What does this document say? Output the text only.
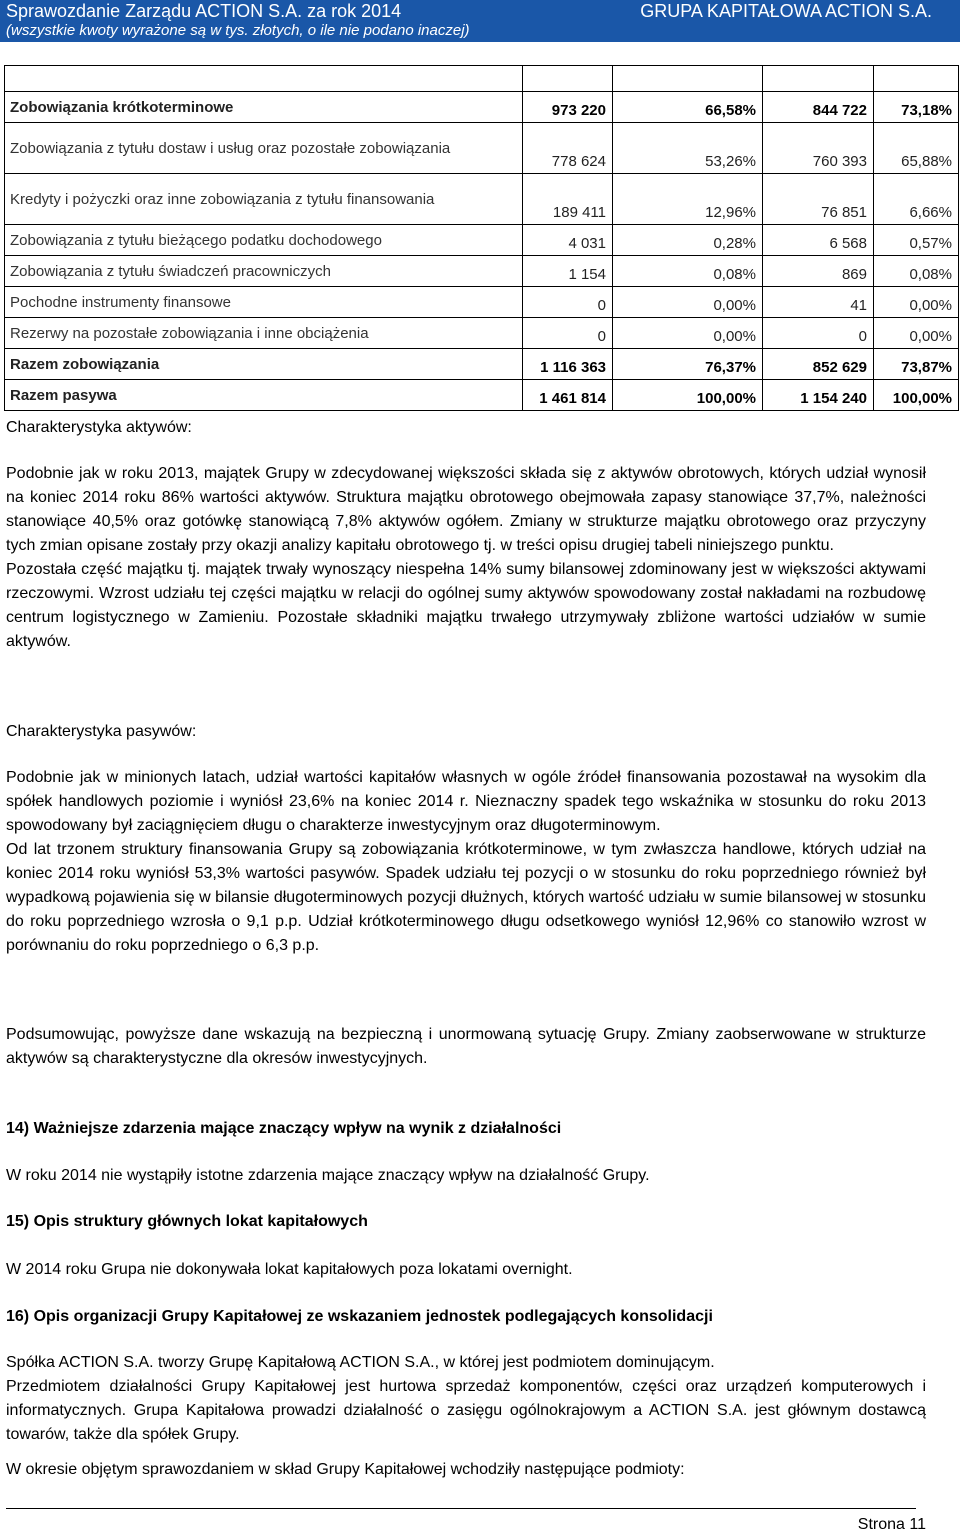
Sprawozdanie Zarządu ACTION S.A. za rok 2014	GRUPA KAPITAŁOWA ACTION S.A.
(wszystkie kwoty wyrażone są w tys. złotych, o ile nie podano inaczej)

Zobowiązania krótkoterminowe	973 220	66,58%	844 722	73,18%
Zobowiązania z tytułu dostaw i usług oraz pozostałe zobowiązania	778 624	53,26%	760 393	65,88%
Kredyty i pożyczki oraz inne zobowiązania z tytułu finansowania	189 411	12,96%	76 851	6,66%
Zobowiązania z tytułu bieżącego podatku dochodowego	4 031	0,28%	6 568	0,57%
Zobowiązania z tytułu świadczeń pracowniczych	1 154	0,08%	869	0,08%
Pochodne instrumenty finansowe	0	0,00%	41	0,00%
Rezerwy na pozostałe zobowiązania i inne obciążenia	0	0,00%	0	0,00%
Razem zobowiązania	1 116 363	76,37%	852 629	73,87%
Razem pasywa	1 461 814	100,00%	1 154 240	100,00%
Charakterystyka aktywów:

Podobnie jak w roku 2013, majątek Grupy w zdecydowanej większości składa się z aktywów obrotowych, których udział wynosił na koniec 2014 roku 86% wartości aktywów. Struktura majątku obrotowego obejmowała zapasy stanowiące 37,7%, należności stanowiące 40,5% oraz gotówkę stanowiącą 7,8% aktywów ogółem. Zmiany w strukturze majątku obrotowego oraz przyczyny tych zmian opisane zostały przy okazji analizy kapitału obrotowego tj. w treści opisu drugiej tabeli niniejszego punktu.

Pozostała część majątku tj. majątek trwały wynoszący niespełna 14% sumy bilansowej zdominowany jest w większości aktywami rzeczowymi. Wzrost udziału tej części majątku w relacji do ogólnej sumy aktywów spowodowany został nakładami na rozbudowę centrum logistycznego w Zamieniu. Pozostałe składniki majątku trwałego utrzymywały zbliżone wartości udziałów w sumie aktywów.

Charakterystyka pasywów:

Podobnie jak w minionych latach, udział wartości kapitałów własnych w ogóle źródeł finansowania pozostawał na wysokim dla spółek handlowych poziomie i wyniósł 23,6% na koniec 2014 r. Nieznaczny spadek tego wskaźnika w stosunku do roku 2013 spowodowany był zaciągnięciem długu o charakterze inwestycyjnym oraz długoterminowym.

Od lat trzonem struktury finansowania Grupy są zobowiązania krótkoterminowe, w tym zwłaszcza handlowe, których udział na koniec 2014 roku wyniósł 53,3% wartości pasywów. Spadek udziału tej pozycji o w stosunku do roku poprzedniego również był wypadkową pojawienia się w bilansie długoterminowych pozycji dłużnych, których wartość udziału w sumie bilansowej w stosunku do roku poprzedniego wzrosła o 9,1 p.p. Udział krótkoterminowego długu odsetkowego wyniósł 12,96% co stanowiło wzrost w porównaniu do roku poprzedniego o 6,3 p.p.

Podsumowując, powyższe dane wskazują na bezpieczną i unormowaną sytuację Grupy. Zmiany zaobserwowane w strukturze aktywów są charakterystyczne dla okresów inwestycyjnych.

14) Ważniejsze zdarzenia mające znaczący wpływ na wynik z działalności
W roku 2014 nie wystąpiły istotne zdarzenia mające znaczący wpływ na działalność Grupy.
15) Opis struktury głównych lokat kapitałowych
W 2014 roku Grupa nie dokonywała lokat kapitałowych poza lokatami overnight.
16) Opis organizacji Grupy Kapitałowej ze wskazaniem jednostek podlegających konsolidacji
Spółka ACTION S.A. tworzy Grupę Kapitałową ACTION S.A., w której jest podmiotem dominującym.

Przedmiotem działalności Grupy Kapitałowej jest hurtowa sprzedaż komponentów, części oraz urządzeń komputerowych i informatycznych. Grupa Kapitałowa prowadzi działalność o zasięgu ogólnokrajowym a ACTION S.A. jest głównym dostawcą towarów, także dla spółek Grupy.

W okresie objętym sprawozdaniem w skład Grupy Kapitałowej wchodziły następujące podmioty:
Strona 11
